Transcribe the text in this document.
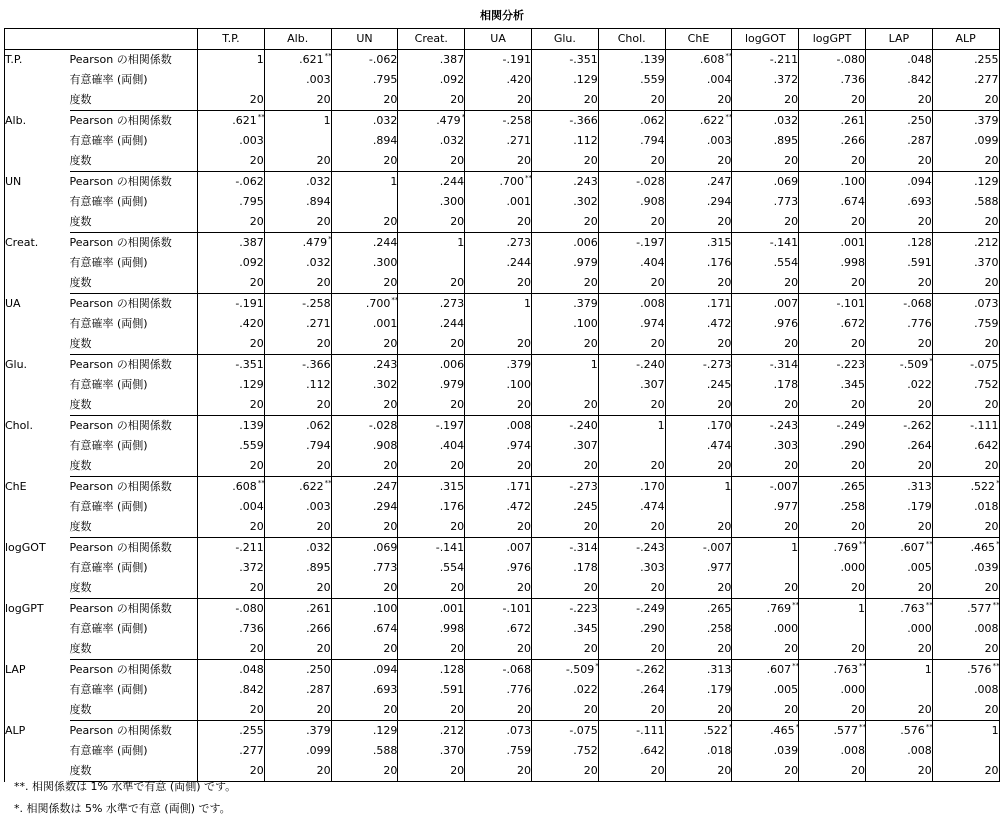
相関分析
		T.P.	Alb.	UN	Creat.	UA	Glu.	Chol.	ChE	logGOT	logGPT	LAP	ALP
T.P.	Pearson の相関係数	1	.621**	-.062	.387	-.191	-.351	.139	.608**	-.211	-.080	.048	.255
	有意確率 (両側)		.003	.795	.092	.420	.129	.559	.004	.372	.736	.842	.277
	度数	20	20	20	20	20	20	20	20	20	20	20	20
Alb.	Pearson の相関係数	.621**	1	.032	.479*	-.258	-.366	.062	.622**	.032	.261	.250	.379
	有意確率 (両側)	.003		.894	.032	.271	.112	.794	.003	.895	.266	.287	.099
	度数	20	20	20	20	20	20	20	20	20	20	20	20
UN	Pearson の相関係数	-.062	.032	1	.244	.700**	.243	-.028	.247	.069	.100	.094	.129
	有意確率 (両側)	.795	.894		.300	.001	.302	.908	.294	.773	.674	.693	.588
	度数	20	20	20	20	20	20	20	20	20	20	20	20
Creat.	Pearson の相関係数	.387	.479*	.244	1	.273	.006	-.197	.315	-.141	.001	.128	.212
	有意確率 (両側)	.092	.032	.300		.244	.979	.404	.176	.554	.998	.591	.370
	度数	20	20	20	20	20	20	20	20	20	20	20	20
UA	Pearson の相関係数	-.191	-.258	.700**	.273	1	.379	.008	.171	.007	-.101	-.068	.073
	有意確率 (両側)	.420	.271	.001	.244		.100	.974	.472	.976	.672	.776	.759
	度数	20	20	20	20	20	20	20	20	20	20	20	20
Glu.	Pearson の相関係数	-.351	-.366	.243	.006	.379	1	-.240	-.273	-.314	-.223	-.509*	-.075
	有意確率 (両側)	.129	.112	.302	.979	.100		.307	.245	.178	.345	.022	.752
	度数	20	20	20	20	20	20	20	20	20	20	20	20
Chol.	Pearson の相関係数	.139	.062	-.028	-.197	.008	-.240	1	.170	-.243	-.249	-.262	-.111
	有意確率 (両側)	.559	.794	.908	.404	.974	.307		.474	.303	.290	.264	.642
	度数	20	20	20	20	20	20	20	20	20	20	20	20
ChE	Pearson の相関係数	.608**	.622**	.247	.315	.171	-.273	.170	1	-.007	.265	.313	.522*
	有意確率 (両側)	.004	.003	.294	.176	.472	.245	.474		.977	.258	.179	.018
	度数	20	20	20	20	20	20	20	20	20	20	20	20
logGOT	Pearson の相関係数	-.211	.032	.069	-.141	.007	-.314	-.243	-.007	1	.769**	.607**	.465*
	有意確率 (両側)	.372	.895	.773	.554	.976	.178	.303	.977		.000	.005	.039
	度数	20	20	20	20	20	20	20	20	20	20	20	20
logGPT	Pearson の相関係数	-.080	.261	.100	.001	-.101	-.223	-.249	.265	.769**	1	.763**	.577**
	有意確率 (両側)	.736	.266	.674	.998	.672	.345	.290	.258	.000		.000	.008
	度数	20	20	20	20	20	20	20	20	20	20	20	20
LAP	Pearson の相関係数	.048	.250	.094	.128	-.068	-.509*	-.262	.313	.607**	.763**	1	.576**
	有意確率 (両側)	.842	.287	.693	.591	.776	.022	.264	.179	.005	.000		.008
	度数	20	20	20	20	20	20	20	20	20	20	20	20
ALP	Pearson の相関係数	.255	.379	.129	.212	.073	-.075	-.111	.522*	.465*	.577**	.576**	1
	有意確率 (両側)	.277	.099	.588	.370	.759	.752	.642	.018	.039	.008	.008	
	度数	20	20	20	20	20	20	20	20	20	20	20	20
**. 相関係数は 1% 水準で有意 (両側) です。
*. 相関係数は 5% 水準で有意 (両側) です。
